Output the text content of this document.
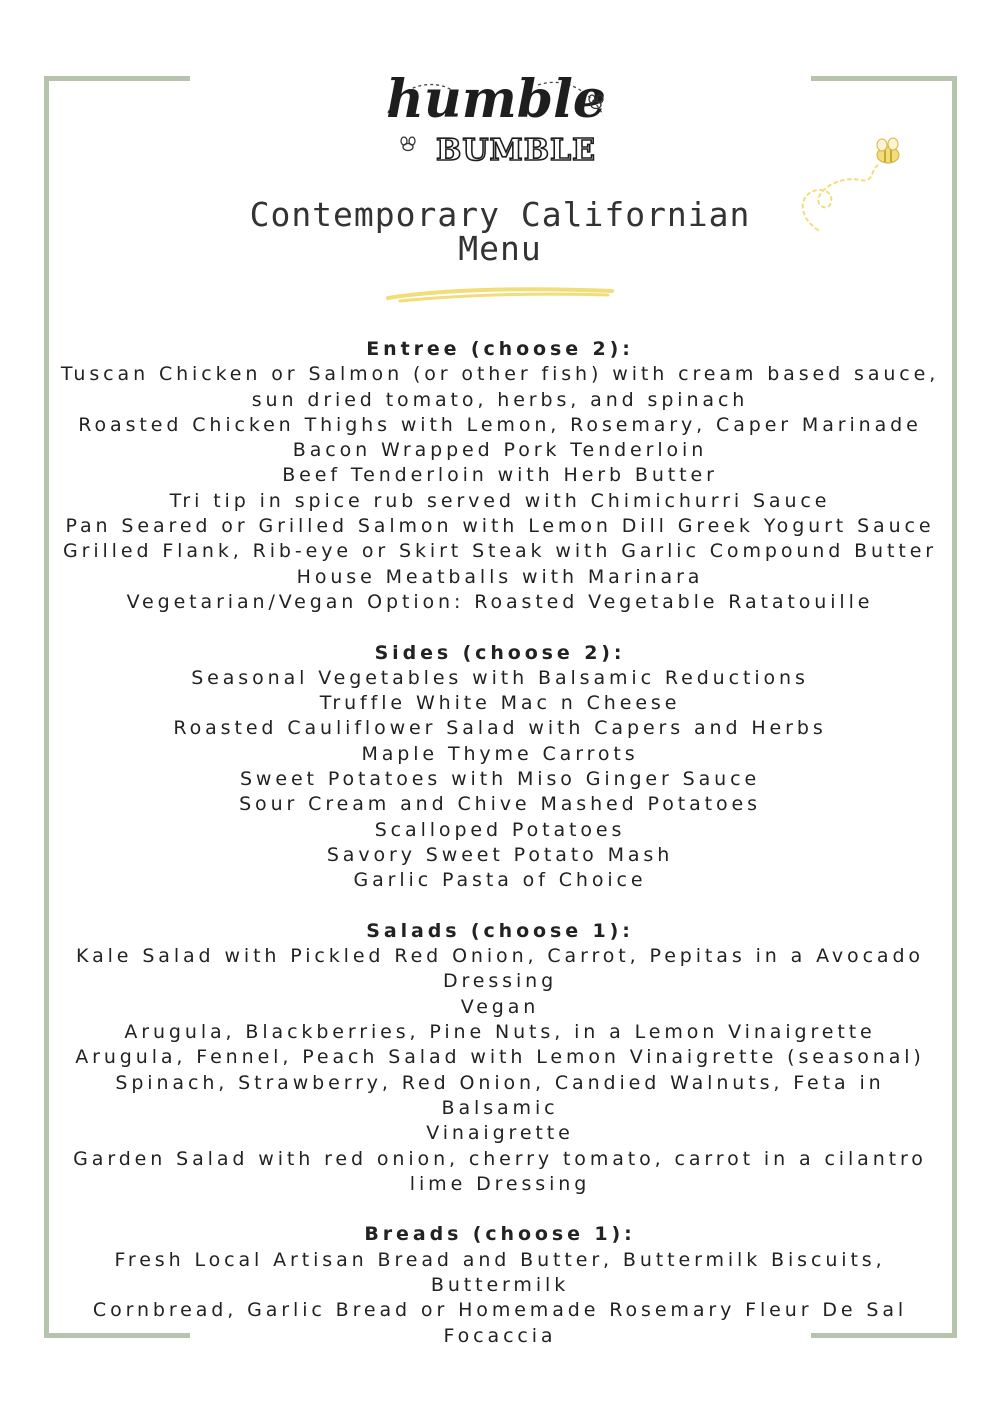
humble
BUMBLE
Contemporary Californian
Menu
Entree (choose 2):
Tuscan Chicken or Salmon (or other fish) with cream based sauce,
sun dried tomato, herbs, and spinach
Roasted Chicken Thighs with Lemon, Rosemary, Caper Marinade
Bacon Wrapped Pork Tenderloin
Beef Tenderloin with Herb Butter
Tri tip in spice rub served with Chimichurri Sauce
Pan Seared or Grilled Salmon with Lemon Dill Greek Yogurt Sauce
Grilled Flank, Rib-eye or Skirt Steak with Garlic Compound Butter
House Meatballs with Marinara
Vegetarian/Vegan Option: Roasted Vegetable Ratatouille
Sides (choose 2):
Seasonal Vegetables with Balsamic Reductions
Truffle White Mac n Cheese
Roasted Cauliflower Salad with Capers and Herbs
Maple Thyme Carrots
Sweet Potatoes with Miso Ginger Sauce
Sour Cream and Chive Mashed Potatoes
Scalloped Potatoes
Savory Sweet Potato Mash
Garlic Pasta of Choice
Salads (choose 1):
Kale Salad with Pickled Red Onion, Carrot, Pepitas in a Avocado
Dressing
Vegan
Arugula, Blackberries, Pine Nuts, in a Lemon Vinaigrette
Arugula, Fennel, Peach Salad with Lemon Vinaigrette (seasonal)
Spinach, Strawberry, Red Onion, Candied Walnuts, Feta in Balsamic
Vinaigrette
Garden Salad with red onion, cherry tomato, carrot in a cilantro
lime Dressing
Breads (choose 1):
Fresh Local Artisan Bread and Butter, Buttermilk Biscuits, Buttermilk
Cornbread, Garlic Bread or Homemade Rosemary Fleur De Sal
Focaccia
